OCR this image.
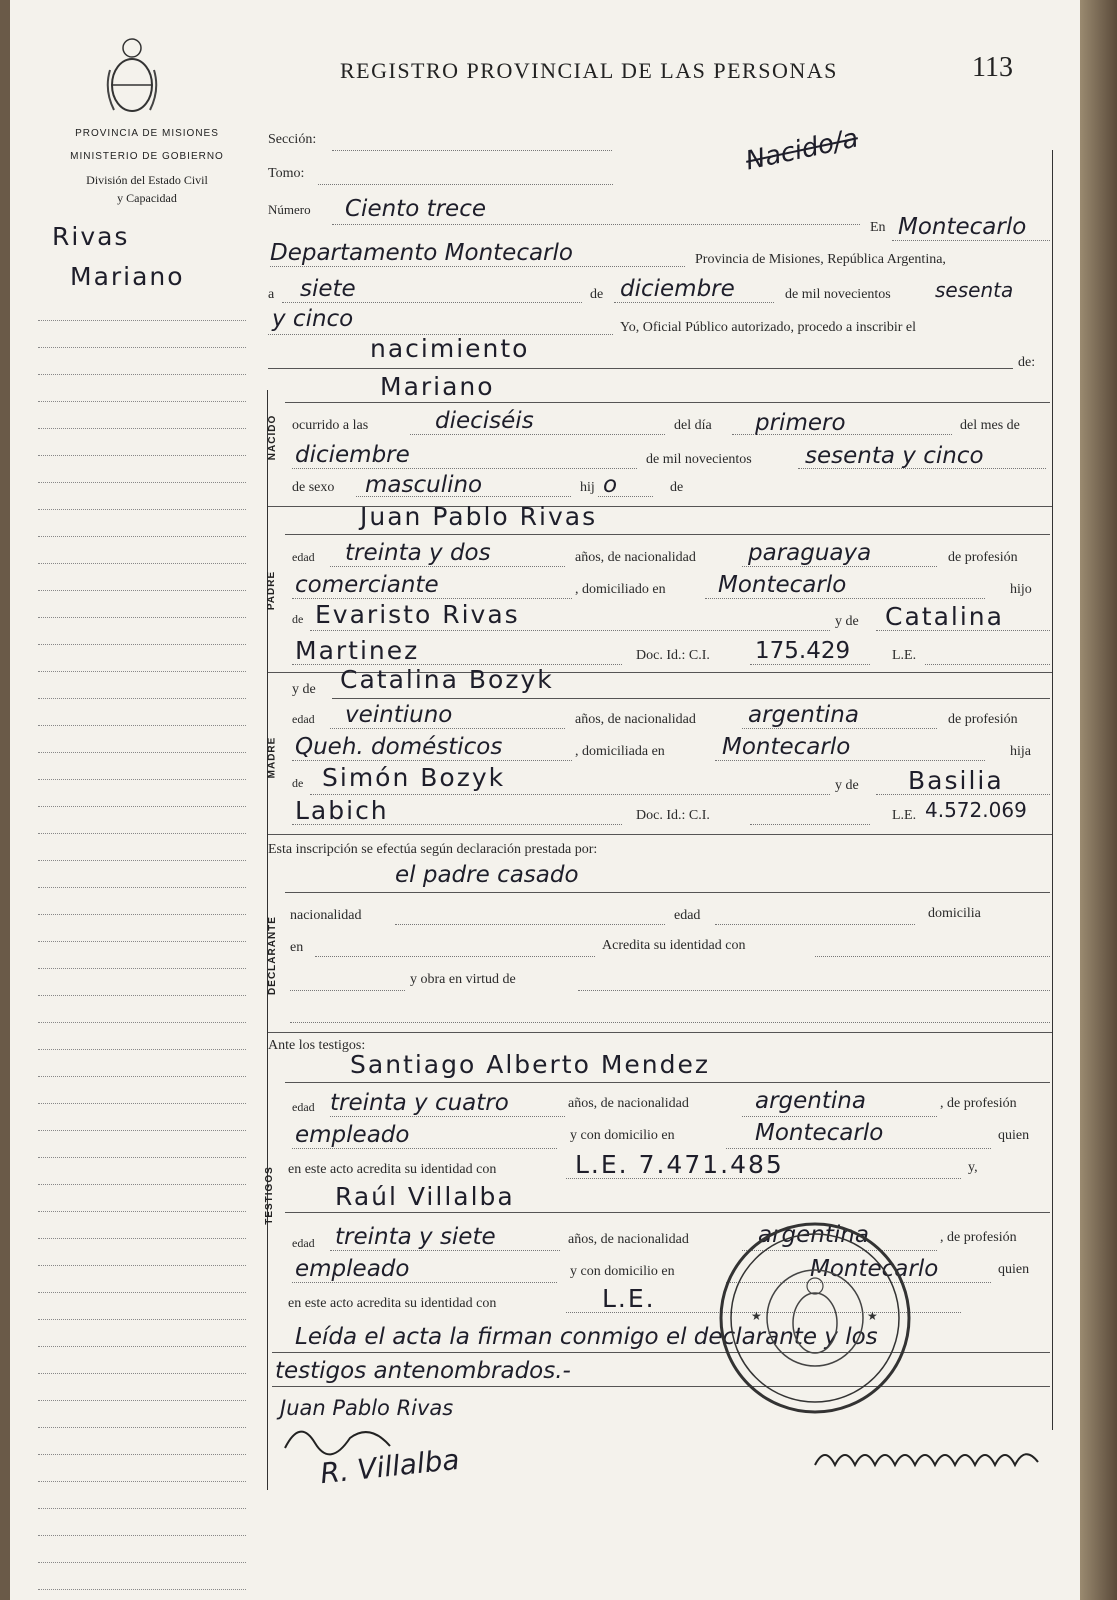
PROVINCIA DE MISIONES
MINISTERIO DE GOBIERNO
División del Estado Civil
y Capacidad
REGISTRO PROVINCIAL DE LAS PERSONAS	113
Nacido/a
Rivas
Mariano
Sección:
Tomo:
Número Ciento trece
En Montecarlo
Departamento Montecarlo	Provincia de Misiones, República Argentina,
a siete	de diciembre	de mil novecientos sesenta
y cinco	Yo, Oficial Público autorizado, procedo a inscribir el
nacimiento	de:
NACIDO
Mariano
ocurrido a las	dieciséis	del día primero	del mes de
diciembre	de mil novecientos sesenta y cinco
de sexo masculino	hij o	de
PADRE
Juan Pablo Rivas
edad treinta y dos	años, de nacionalidad paraguaya	de profesión
comerciante	, domiciliado en Montecarlo	hijo
de Evaristo Rivas	y de Catalina
Martinez	Doc. Id.: C.I. 175.429	L.E.
y de
MADRE
Catalina Bozyk
edad veintiuno	años, de nacionalidad argentina	de profesión
Queh. domésticos	, domiciliada en Montecarlo	hija
de Simón Bozyk	y de Basilia
Labich	Doc. Id.: C.I.	L.E. 4.572.069
Esta inscripción se efectúa según declaración prestada por:
el padre casado
DECLARANTE
nacionalidad	edad	domicilia
en	Acredita su identidad con
y obra en virtud de
Ante los testigos:
Santiago Alberto Mendez
TESTIGOS
edad treinta y cuatro	años, de nacionalidad	argentina	, de profesión
empleado	y con domicilio en	Montecarlo	quien
en este acto acredita su identidad con	L.E. 7.471.485	y,
Raúl Villalba
edad treinta y siete	años, de nacionalidad	argentina	, de profesión
empleado	y con domicilio en	Montecarlo	quien
en este acto acredita su identidad con	L.E.
Leída el acta la firman conmigo el declarante y los
testigos antenombrados.-
Juan Pablo Rivas
R. Villalba
★	★
